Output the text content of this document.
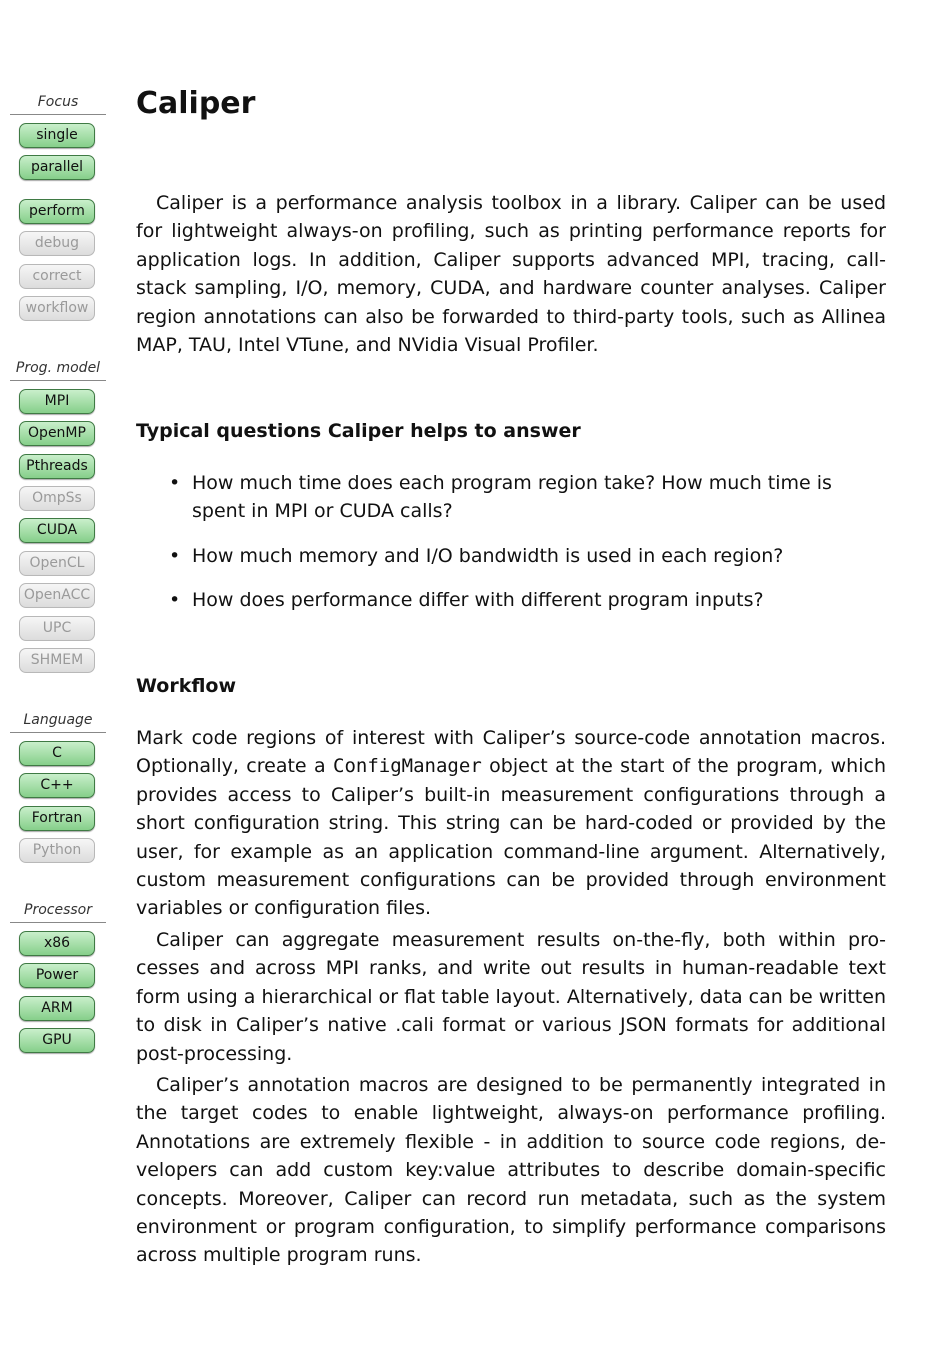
Focus
single
parallel
perform
debug
correct
workflow
Prog. model
MPI
OpenMP
Pthreads
OmpSs
CUDA
OpenCL
OpenACC
UPC
SHMEM
Language
C
C++
Fortran
Python
Processor
x86
Power
ARM
GPU
Caliper

Caliper is a performance analysis toolbox in a library. Caliper can be used for lightweight always-on profiling, such as printing performance reports for application logs. In addition, Caliper supports advanced MPI, tracing, call-stack sampling, I/O, memory, CUDA, and hardware counter analyses. Caliper region annotations can also be forwarded to third-party tools, such as Allinea MAP, TAU, Intel VTune, and NVidia Visual Profiler.

Typical questions Caliper helps to answer
• How much time does each program region take? How much time is spent in MPI or CUDA calls?
• How much memory and I/O bandwidth is used in each region?
• How does performance differ with different program inputs?
Workflow

Mark code regions of interest with Caliper’s source-code annotation macros. Optionally, create a ConfigManager object at the start of the program, which provides access to Caliper’s built-in measurement configurations through a short configuration string. This string can be hard-coded or provided by the user, for example as an application command-line argument. Alternatively, custom measurement configurations can be provided through environment variables or configuration files.

Caliper can aggregate measurement results on-the-fly, both within processes and across MPI ranks, and write out results in human-readable text form using a hierarchical or flat table layout. Alternatively, data can be written to disk in Caliper’s native .cali format or various JSON formats for additional post-processing.

Caliper’s annotation macros are designed to be permanently integrated in the target codes to enable lightweight, always-on performance profiling. Annotations are extremely flexible - in addition to source code regions, developers can add custom key:value attributes to describe domain-specific concepts. Moreover, Caliper can record run metadata, such as the system environment or program configuration, to simplify performance comparisons across multiple program runs.
